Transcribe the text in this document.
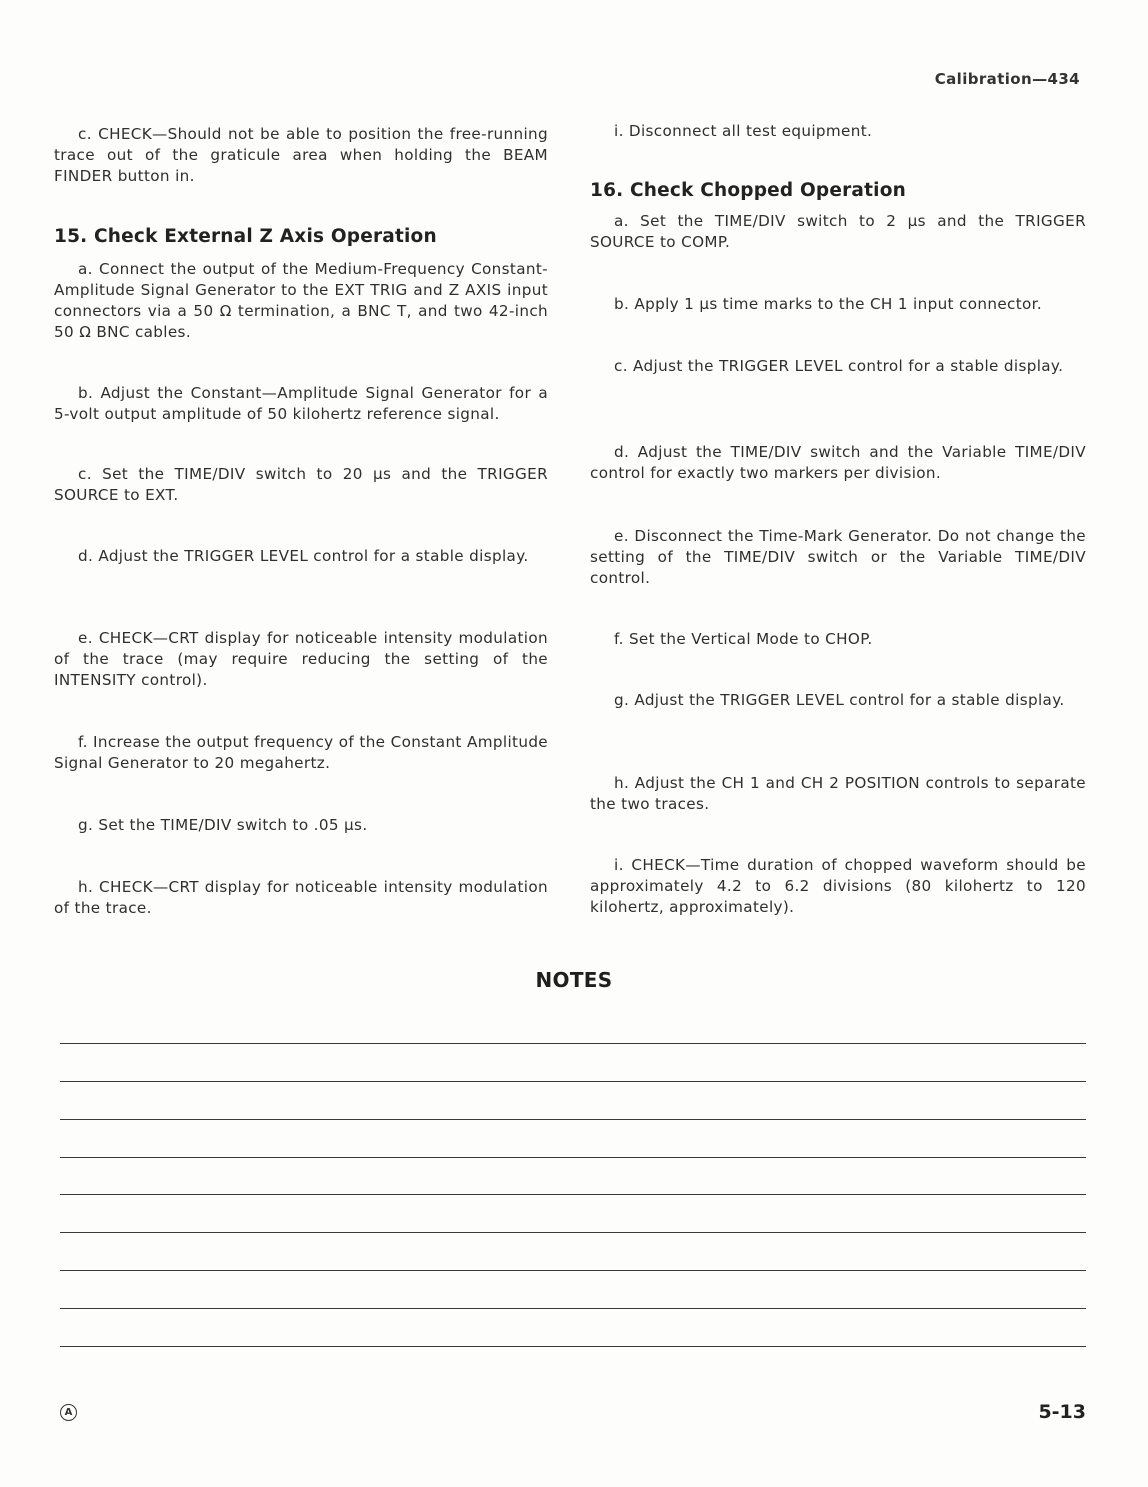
Calibration—434

c. CHECK—Should not be able to position the free-running trace out of the graticule area when holding the BEAM FINDER button in.

15. Check External Z Axis Operation

a. Connect the output of the Medium-Frequency Constant-Amplitude Signal Generator to the EXT TRIG and Z AXIS input connectors via a 50 Ω termination, a BNC T, and two 42-inch 50 Ω BNC cables.

b. Adjust the Constant—Amplitude Signal Generator for a 5-volt output amplitude of 50 kilohertz reference signal.

c. Set the TIME/DIV switch to 20 μs and the TRIGGER SOURCE to EXT.

d. Adjust the TRIGGER LEVEL control for a stable display.

e. CHECK—CRT display for noticeable intensity modulation of the trace (may require reducing the setting of the INTENSITY control).

f. Increase the output frequency of the Constant Amplitude Signal Generator to 20 megahertz.

g. Set the TIME/DIV switch to .05 μs.

h. CHECK—CRT display for noticeable intensity modulation of the trace.

i. Disconnect all test equipment.

16. Check Chopped Operation

a. Set the TIME/DIV switch to 2 μs and the TRIGGER SOURCE to COMP.

b. Apply 1 μs time marks to the CH 1 input connector.

c. Adjust the TRIGGER LEVEL control for a stable display.

d. Adjust the TIME/DIV switch and the Variable TIME/DIV control for exactly two markers per division.

e. Disconnect the Time-Mark Generator. Do not change the setting of the TIME/DIV switch or the Variable TIME/DIV control.

f. Set the Vertical Mode to CHOP.

g. Adjust the TRIGGER LEVEL control for a stable display.

h. Adjust the CH 1 and CH 2 POSITION controls to separate the two traces.

i. CHECK—Time duration of chopped waveform should be approximately 4.2 to 6.2 divisions (80 kilohertz to 120 kilohertz, approximately).

NOTES
A	5-13
